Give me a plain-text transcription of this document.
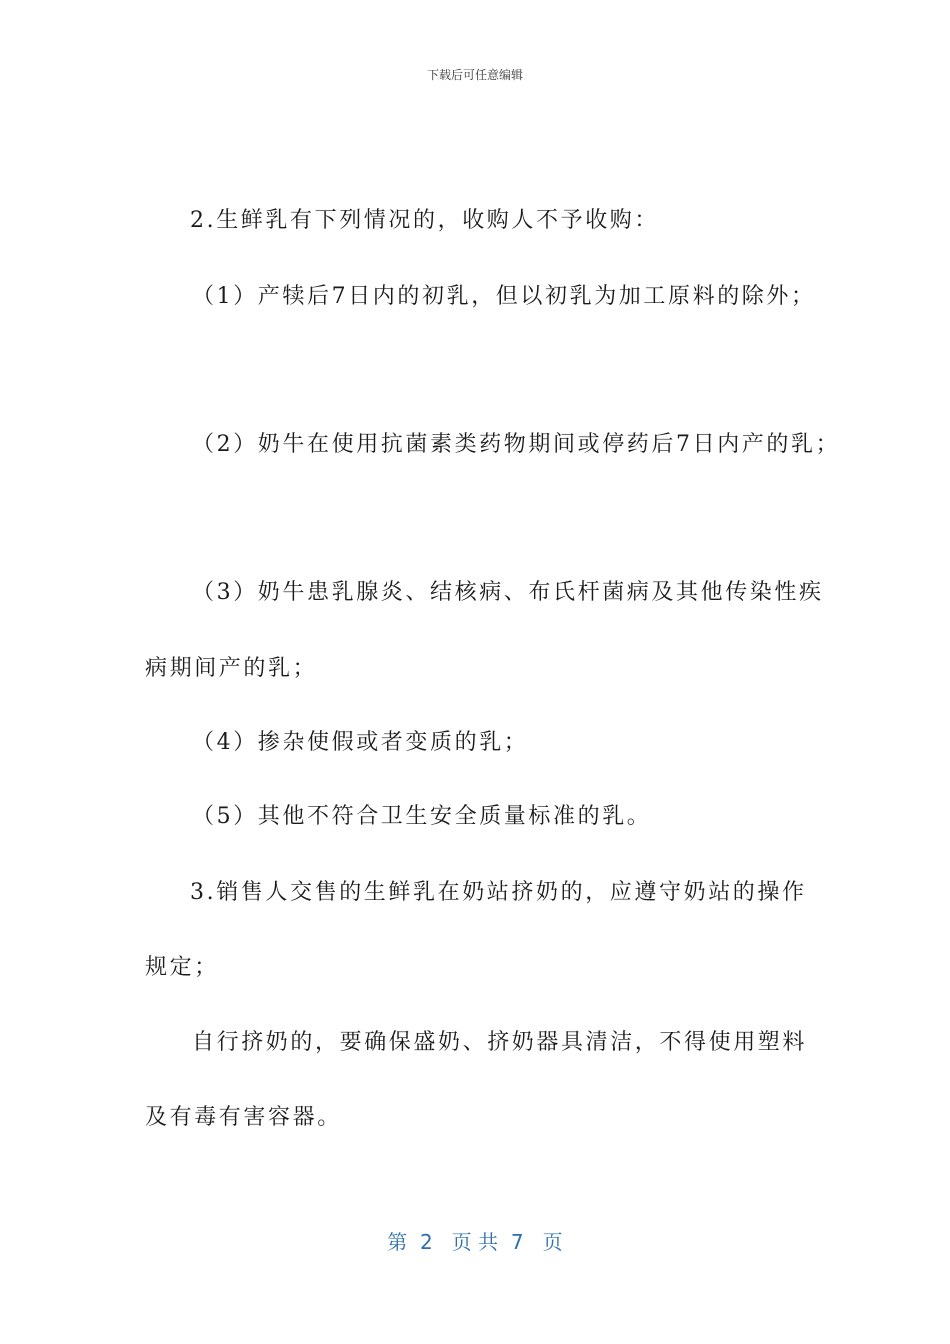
下载后可任意编辑
2.生鲜乳有下列情况的，收购人不予收购：
（1）产犊后7日内的初乳，但以初乳为加工原料的除外；
（2）奶牛在使用抗菌素类药物期间或停药后7日内产的乳；
（3）奶牛患乳腺炎、结核病、布氏杆菌病及其他传染性疾
病期间产的乳；
（4）掺杂使假或者变质的乳；
（5）其他不符合卫生安全质量标准的乳。
3.销售人交售的生鲜乳在奶站挤奶的，应遵守奶站的操作
规定；
自行挤奶的，要确保盛奶、挤奶器具清洁，不得使用塑料
及有毒有害容器。
第  2   页 共  7   页
